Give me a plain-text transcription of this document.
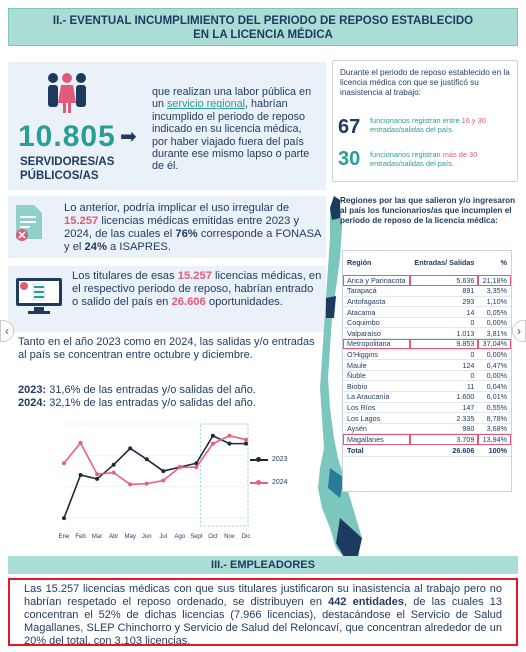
II.- EVENTUAL INCUMPLIMIENTO DEL PERIODO DE REPOSO ESTABLECIDO
EN LA LICENCIA MÉDICA
10.805
SERVIDORES/AS PÚBLICOS/AS
➡
que realizan una labor pública en un servicio regional, habrían incumplido el periodo de reposo indicado en su licencia médica, por haber viajado fuera del país durante ese mismo lapso o parte de él.
Durante el periodo de reposo establecido en la licencia médica con que se justificó su inasistencia al trabajo:
67 funcionarios registran entre 16 y 30 entradas/salidas del país.
30 funcionarios registran más de 30 entradas/salidas del país.
Lo anterior, podría implicar el uso irregular de 15.257 licencias médicas emitidas entre 2023 y 2024, de las cuales el 76% corresponde a FONASA y el 24% a ISAPRES.
Los titulares de esas 15.257 licencias médicas, en el respectivo periodo de reposo, habrían entrado o salido del país en 26.606 oportunidades.
Tanto en el año 2023 como en 2024, las salidas y/o entradas al país se concentran entre octubre y diciembre.
2023: 31,6% de las entradas y/o salidas del año.
2024: 32,1% de las entradas y/o salidas del año.
Ene Feb Mar Abr May Jun Jul Ago Sept Oct Nov Dic
2023
2024
Regiones por las que salieron y/o ingresaron al país los funcionarios/as que incumplen el periodo de reposo de la licencia médica:
Región	Entradas/ Salidas	%
Arica y Parinacota	5.636	21,18%
Tarapacá	891	3,35%
Antofagasta	293	1,10%
Atacama	14	0,05%
Coquimbo	0	0,00%
Valparaíso	1.013	3,81%
Metropolitana	9.853	37,04%
O'Higgins	0	0,00%
Maule	124	0,47%
Ñuble	0	0,00%
Biobío	11	0,04%
La Araucanía	1.600	6,01%
Los Ríos	147	0,55%
Los Lagos	2.335	8,78%
Aysén	980	3,68%
Magallanes	3.709	13,94%
Total	26.606	100%
III.- EMPLEADORES
Las 15.257 licencias médicas con que sus titulares justificaron su inasistencia al trabajo pero no habrían respetado el reposo ordenado, se distribuyen en 442 entidades, de las cuales 13 concentran el 52% de dichas licencias (7.966 licencias), destacándose el Servicio de Salud Magallanes, SLEP Chinchorro y Servicio de Salud del Reloncaví, que concentran alrededor de un 20% del total, con 3.103 licencias.
‹	›
